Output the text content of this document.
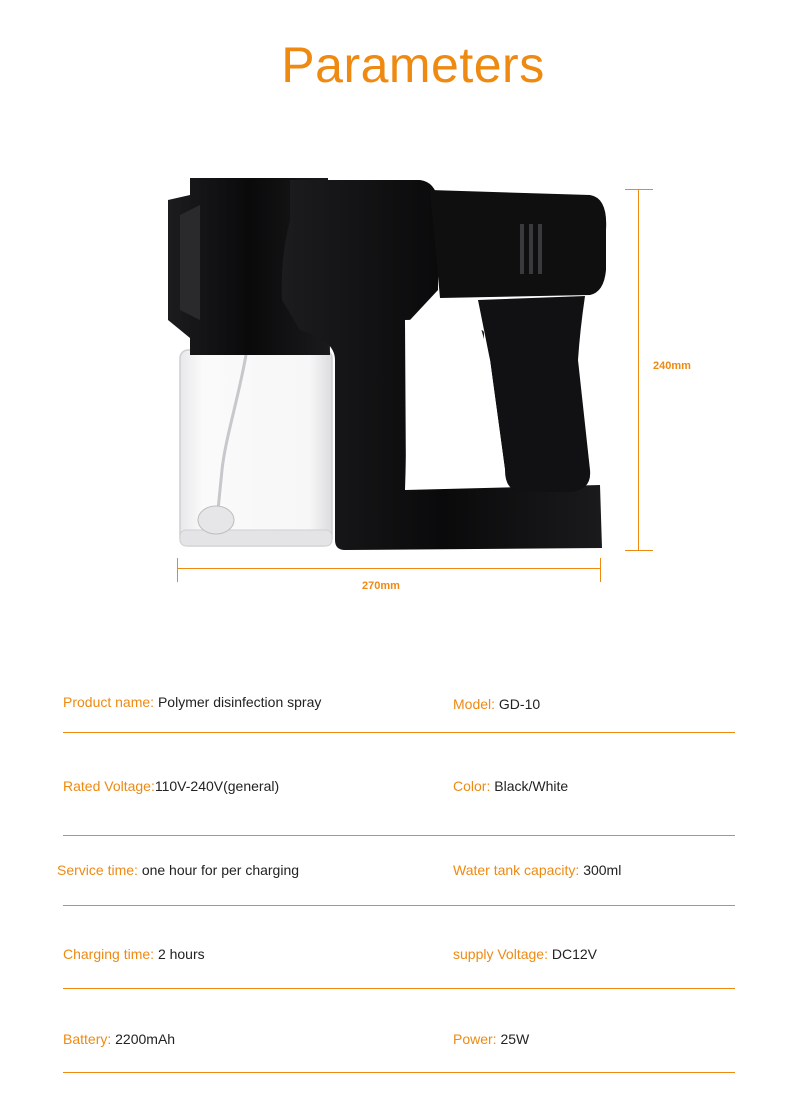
Parameters
240mm
270mm
Product name: Polymer disinfection spray	Model: GD-10
Rated Voltage:110V-240V(general)	Color: Black/White
Service time: one hour for per charging	Water tank capacity: 300ml
Charging time: 2 hours	supply Voltage: DC12V
Battery: 2200mAh	Power: 25W
